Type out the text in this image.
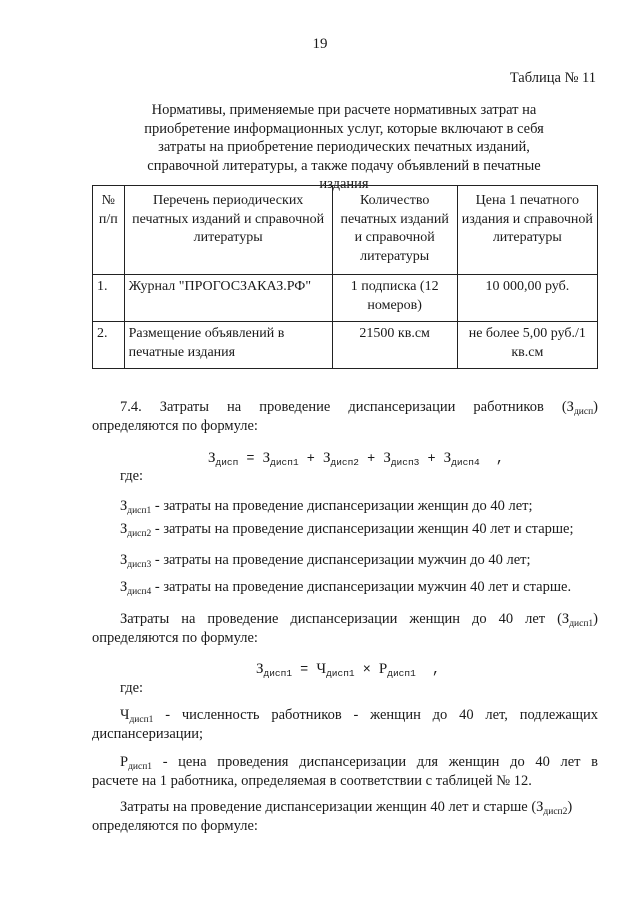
19
Таблица № 11
Нормативы, применяемые при расчете нормативных затрат на приобретение информационных услуг, которые включают в себя затраты на приобретение периодических печатных изданий, справочной литературы, а также подачу объявлений в печатные издания
№ п/п	Перечень периодических печатных изданий и справочной литературы	Количество печатных изданий и справочной литературы	Цена 1 печатного издания и справочной литературы
1.	Журнал "ПРОГОСЗАКАЗ.РФ"	1 подписка (12 номеров)	10 000,00 руб.
2.	Размещение объявлений в печатные издания	21500 кв.см	не более 5,00 руб./1 кв.см
7.4. Затраты на проведение диспансеризации работников $(З_{дисп})$
определяются по формуле:
$З_{дисп} = З_{дисп1} + З_{дисп2} + З_{дисп3} + З_{дисп4}$  ,
где:
$З_{дисп1}$ - затраты на проведение диспансеризации женщин до 40 лет;
$З_{дисп2}$ - затраты на проведение диспансеризации женщин 40 лет и старше;
$З_{дисп3}$ - затраты на проведение диспансеризации мужчин до 40 лет;
$З_{дисп4}$ - затраты на проведение диспансеризации мужчин 40 лет и старше.
Затраты на проведение диспансеризации женщин до 40 лет $(З_{дисп1})$
определяются по формуле:
$З_{дисп1} = Ч_{дисп1} \times Р_{дисп1}$  ,
где:
$Ч_{дисп1}$ - численность работников - женщин до 40 лет, подлежащих
диспансеризации;
$Р_{дисп1}$ - цена проведения диспансеризации для женщин до 40 лет в
расчете на 1 работника, определяемая в соответствии с таблицей № 12.
Затраты на проведение диспансеризации женщин 40 лет и старше $(З_{дисп2})$
определяются по формуле:
